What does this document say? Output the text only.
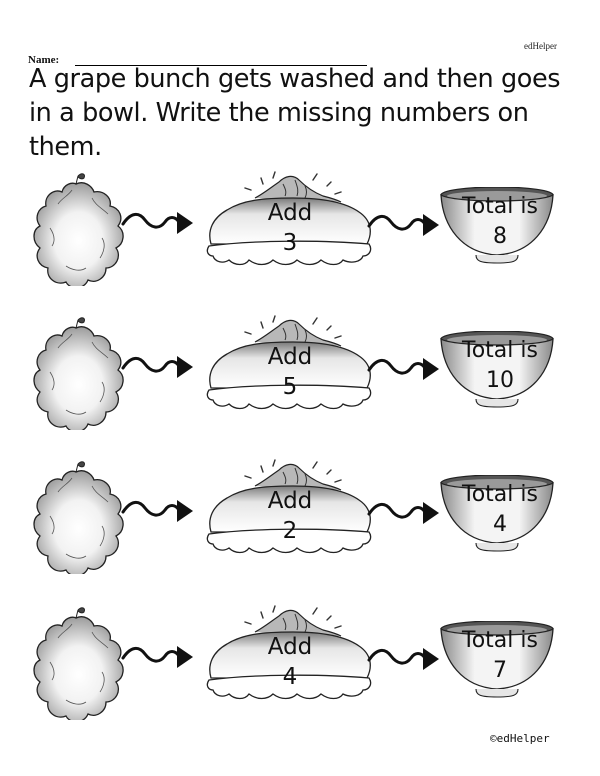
edHelper
Name:
A grape bunch gets washed and then goes in a bowl. Write the missing numbers on them.
Add
3
Total is
8
Add
5
Total is
10
Add
2
Total is
4
Add
4
Total is
7
©edHelper
